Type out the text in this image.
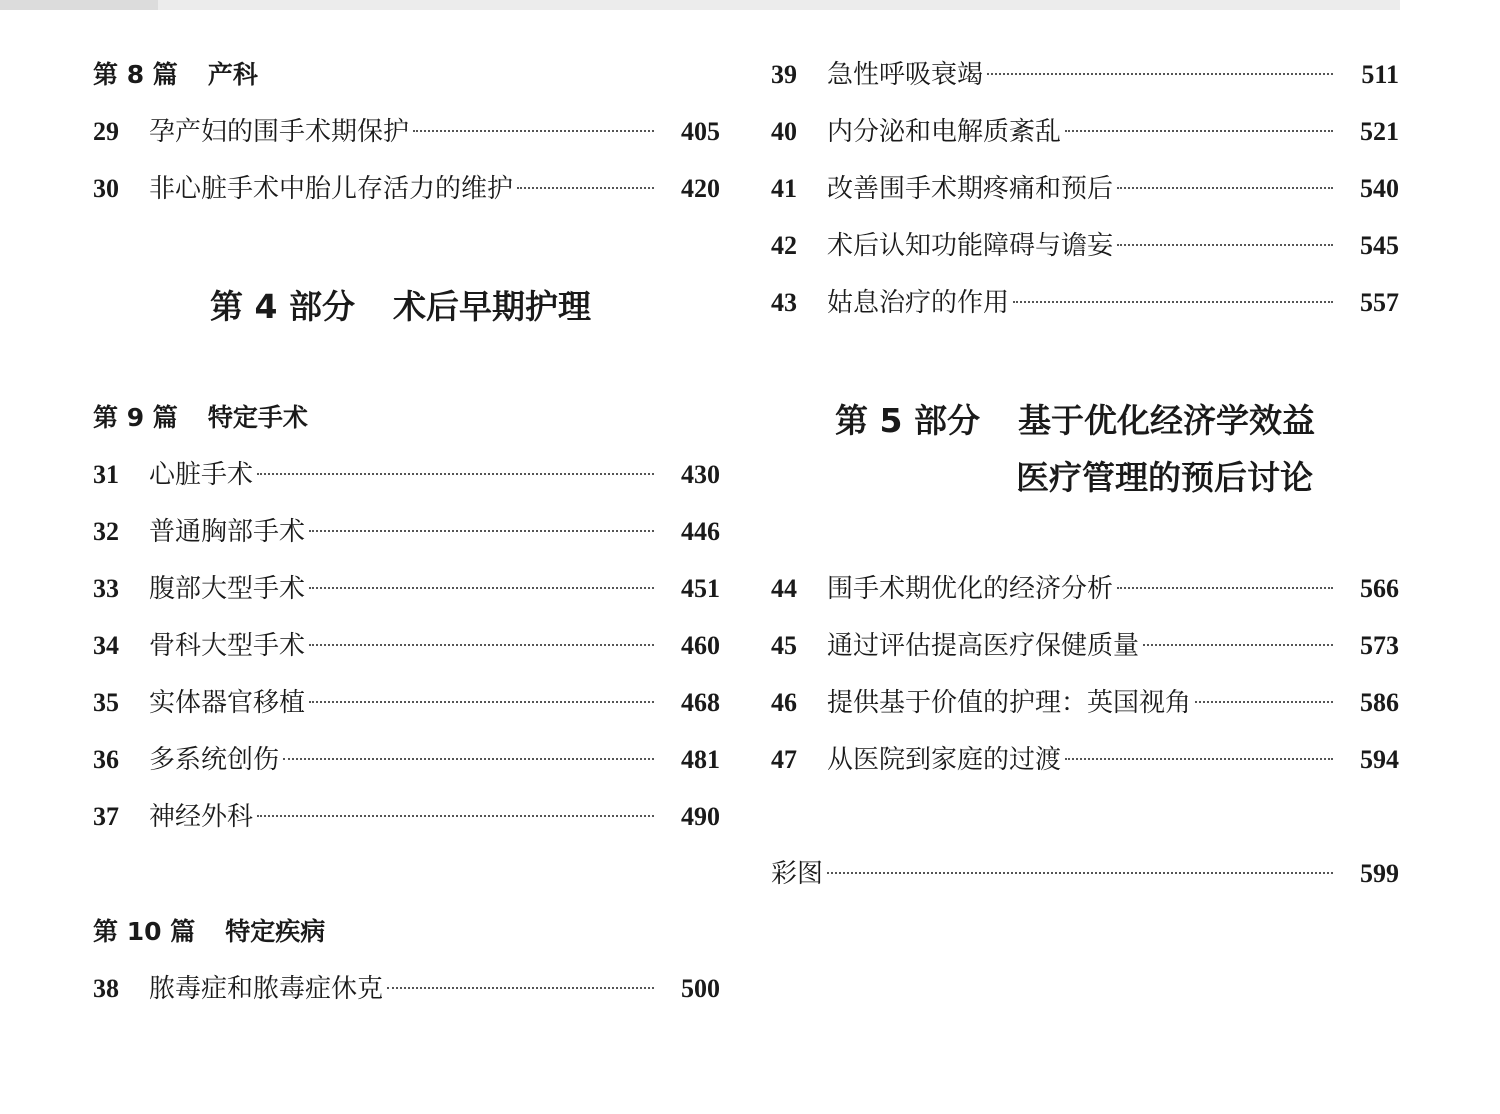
第 8 篇 产科
29	孕产妇的围手术期保护	405
30	非心脏手术中胎儿存活力的维护	420
第 4 部分 术后早期护理
第 9 篇 特定手术
31	心脏手术	430
32	普通胸部手术	446
33	腹部大型手术	451
34	骨科大型手术	460
35	实体器官移植	468
36	多系统创伤	481
37	神经外科	490
第 10 篇 特定疾病
38	脓毒症和脓毒症休克	500
39	急性呼吸衰竭	511
40	内分泌和电解质紊乱	521
41	改善围手术期疼痛和预后	540
42	术后认知功能障碍与谵妄	545
43	姑息治疗的作用	557
第 5 部分 基于优化经济学效益
医疗管理的预后讨论
44	围手术期优化的经济分析	566
45	通过评估提高医疗保健质量	573
46	提供基于价值的护理：英国视角	586
47	从医院到家庭的过渡	594
彩图	599
